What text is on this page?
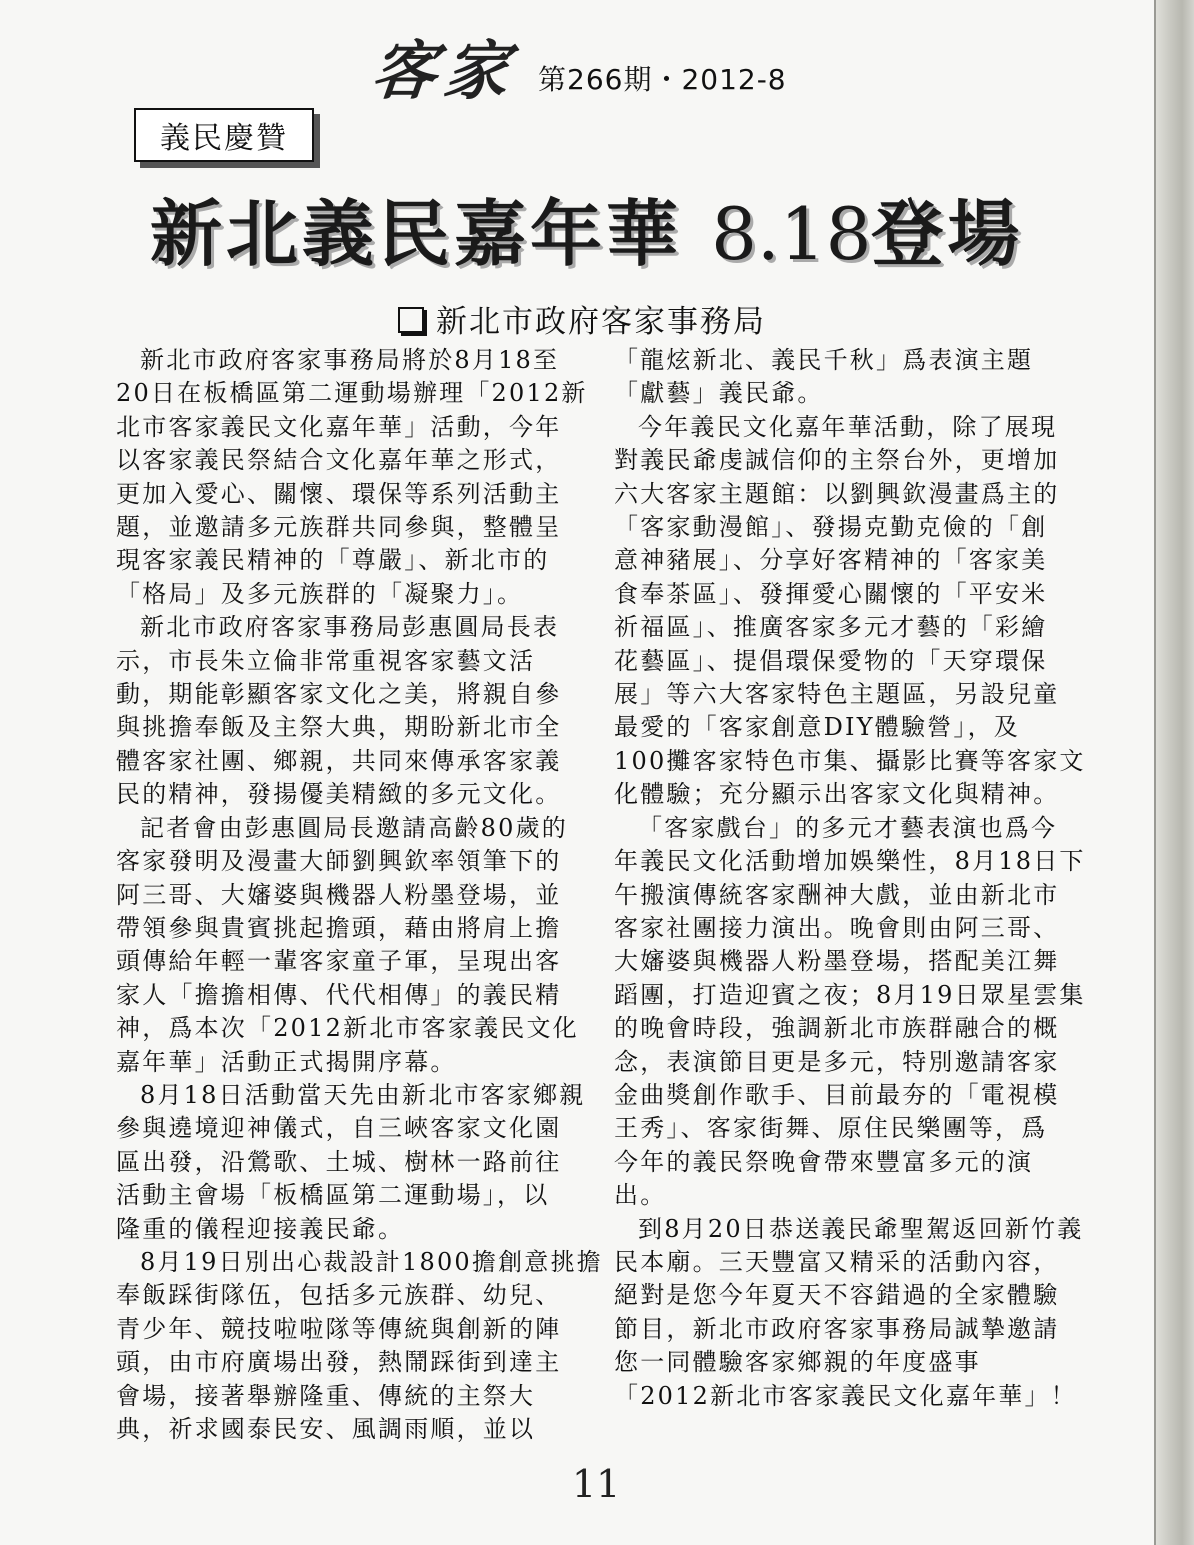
客家 第266期・2012-8
義民慶贊
新北義民嘉年華 8.18登場
新北市政府客家事務局

新北市政府客家事務局將於8月18至
20日在板橋區第二運動場辦理「2012新
北市客家義民文化嘉年華」活動，今年
以客家義民祭結合文化嘉年華之形式，
更加入愛心、關懷、環保等系列活動主
題，並邀請多元族群共同參與，整體呈
現客家義民精神的「尊嚴」、新北市的
「格局」及多元族群的「凝聚力」。
新北市政府客家事務局彭惠圓局長表
示，市長朱立倫非常重視客家藝文活
動，期能彰顯客家文化之美，將親自參
與挑擔奉飯及主祭大典，期盼新北市全
體客家社團、鄉親，共同來傳承客家義
民的精神，發揚優美精緻的多元文化。
記者會由彭惠圓局長邀請高齡80歲的
客家發明及漫畫大師劉興欽率領筆下的
阿三哥、大嬸婆與機器人粉墨登場，並
帶領參與貴賓挑起擔頭，藉由將肩上擔
頭傳給年輕一輩客家童子軍，呈現出客
家人「擔擔相傳、代代相傳」的義民精
神，爲本次「2012新北市客家義民文化
嘉年華」活動正式揭開序幕。
8月18日活動當天先由新北市客家鄉親
參與遶境迎神儀式，自三峽客家文化園
區出發，沿鶯歌、土城、樹林一路前往
活動主會場「板橋區第二運動場」，以
隆重的儀程迎接義民爺。
8月19日別出心裁設計1800擔創意挑擔
奉飯踩街隊伍，包括多元族群、幼兒、
青少年、競技啦啦隊等傳統與創新的陣
頭，由市府廣場出發，熱鬧踩街到達主
會場，接著舉辦隆重、傳統的主祭大
典，祈求國泰民安、風調雨順，並以

「龍炫新北、義民千秋」爲表演主題
「獻藝」義民爺。
今年義民文化嘉年華活動，除了展現
對義民爺虔誠信仰的主祭台外，更增加
六大客家主題館：以劉興欽漫畫爲主的
「客家動漫館」、發揚克勤克儉的「創
意神豬展」、分享好客精神的「客家美
食奉茶區」、發揮愛心關懷的「平安米
祈福區」、推廣客家多元才藝的「彩繪
花藝區」、提倡環保愛物的「天穿環保
展」等六大客家特色主題區，另設兒童
最愛的「客家創意DIY體驗營」，及
100攤客家特色市集、攝影比賽等客家文
化體驗；充分顯示出客家文化與精神。
「客家戲台」的多元才藝表演也爲今
年義民文化活動增加娛樂性，8月18日下
午搬演傳統客家酬神大戲，並由新北市
客家社團接力演出。晚會則由阿三哥、
大嬸婆與機器人粉墨登場，搭配美江舞
蹈團，打造迎賓之夜；8月19日眾星雲集
的晚會時段，強調新北市族群融合的概
念，表演節目更是多元，特別邀請客家
金曲獎創作歌手、目前最夯的「電視模
王秀」、客家街舞、原住民樂團等，爲
今年的義民祭晚會帶來豐富多元的演
出。
到8月20日恭送義民爺聖駕返回新竹義
民本廟。三天豐富又精采的活動內容，
絕對是您今年夏天不容錯過的全家體驗
節目，新北市政府客家事務局誠摯邀請
您一同體驗客家鄉親的年度盛事
「2012新北市客家義民文化嘉年華」！

11
